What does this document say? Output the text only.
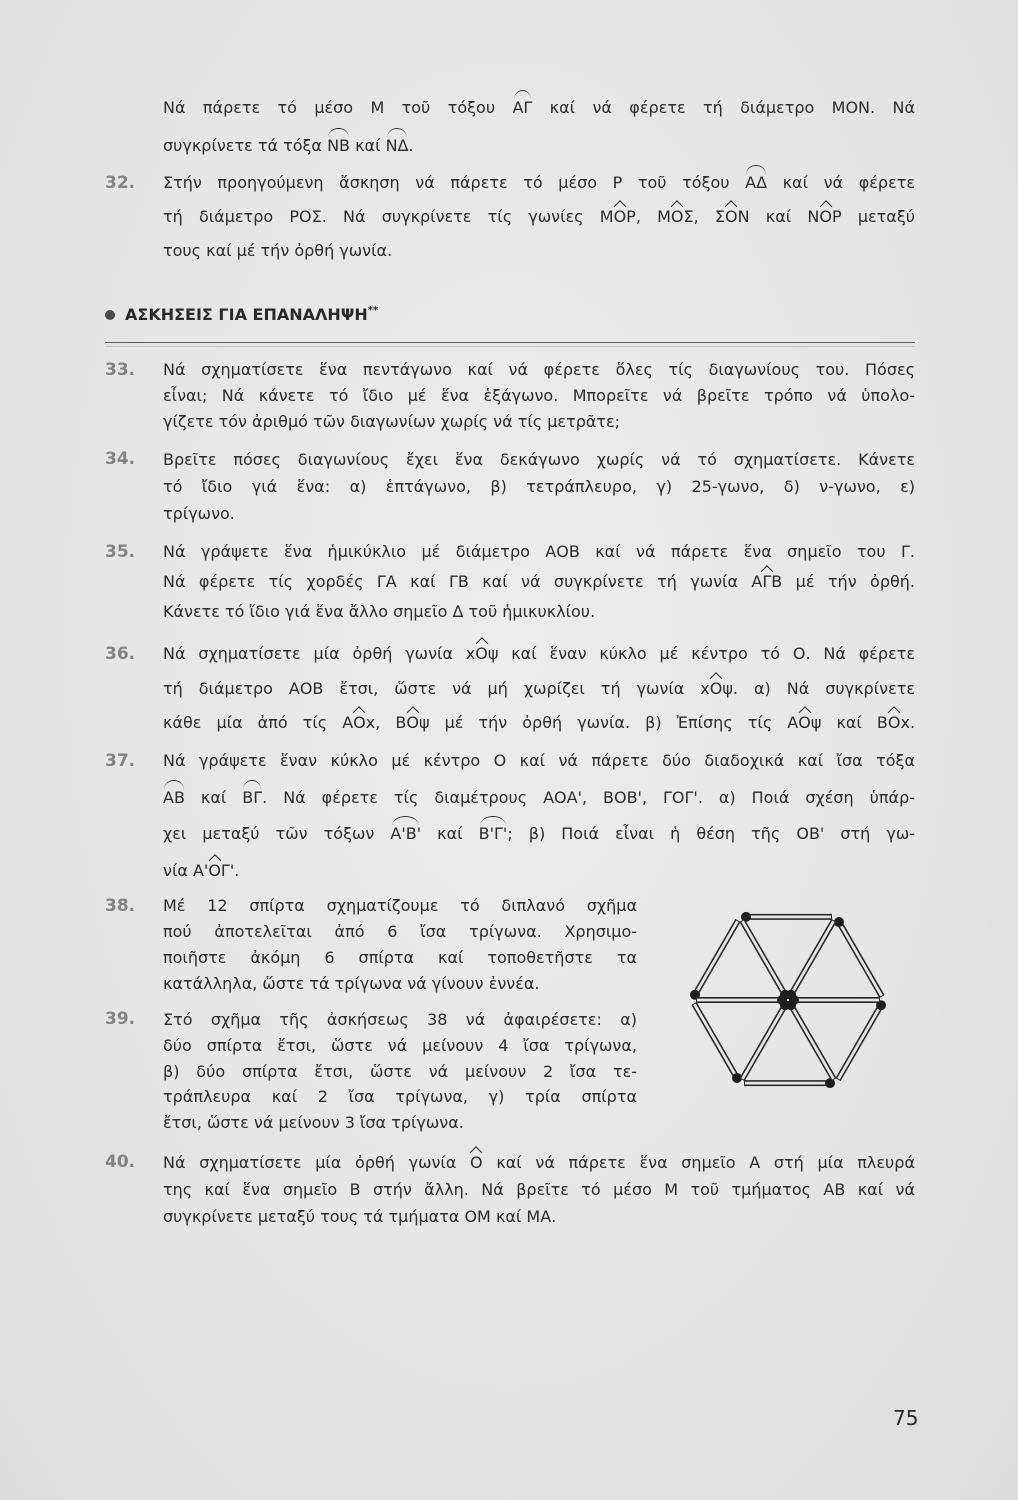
Νά πάρετε τό μέσο Μ τοῦ τόξου ΑΓ καί νά φέρετε τή διάμετρο ΜΟΝ. Νά
συγκρίνετε τά τόξα ΝΒ καί ΝΔ.
32. Στήν προηγούμενη ἄσκηση νά πάρετε τό μέσο Ρ τοῦ τόξου ΑΔ καί νά φέρετε
τή διάμετρο ΡΟΣ. Νά συγκρίνετε τίς γωνίες ΜΟΡ, ΜΟΣ, ΣΟΝ καί ΝΟΡ μεταξύ
τους καί μέ τήν ὀρθή γωνία.
ΑΣΚΗΣΕΙΣ ΓΙΑ ΕΠΑΝΑΛΗΨΗ**
33. Νά σχηματίσετε ἕνα πεντάγωνο καί νά φέρετε ὅλες τίς διαγωνίους του. Πόσες
εἶναι; Νά κάνετε τό ἴδιο μέ ἕνα ἑξάγωνο. Μπορεῖτε νά βρεῖτε τρόπο νά ὑπολο-
γίζετε τόν ἀριθμό τῶν διαγωνίων χωρίς νά τίς μετρᾶτε;
34. Βρεῖτε πόσες διαγωνίους ἔχει ἕνα δεκάγωνο χωρίς νά τό σχηματίσετε. Κάνετε
τό ἴδιο γιά ἕνα: α) ἑπτάγωνο, β) τετράπλευρο, γ) 25-γωνο, δ) ν-γωνο, ε)
τρίγωνο.
35. Νά γράψετε ἕνα ἡμικύκλιο μέ διάμετρο ΑΟΒ καί νά πάρετε ἕνα σημεῖο του Γ.
Νά φέρετε τίς χορδές ΓΑ καί ΓΒ καί νά συγκρίνετε τή γωνία ΑΓΒ μέ τήν ὀρθή.
Κάνετε τό ἴδιο γιά ἕνα ἄλλο σημεῖο Δ τοῦ ἡμικυκλίου.
36. Νά σχηματίσετε μία ὀρθή γωνία xΟψ καί ἕναν κύκλο μέ κέντρο τό Ο. Νά φέρετε
τή διάμετρο ΑΟΒ ἔτσι, ὥστε νά μή χωρίζει τή γωνία xΟψ. α) Νά συγκρίνετε
κάθε μία ἀπό τίς ΑΟx, ΒΟψ μέ τήν ὀρθή γωνία. β) Ἐπίσης τίς ΑΟψ καί ΒΟx.
37. Νά γράψετε ἕναν κύκλο μέ κέντρο Ο καί νά πάρετε δύο διαδοχικά καί ἴσα τόξα
ΑΒ καί ΒΓ. Νά φέρετε τίς διαμέτρους ΑΟΑ', ΒΟΒ', ΓΟΓ'. α) Ποιά σχέση ὑπάρ-
χει μεταξύ τῶν τόξων Α'Β' καί Β'Γ'; β) Ποιά εἶναι ἡ θέση τῆς ΟΒ' στή γω-
νία Α'ΟΓ'.
38. Μέ 12 σπίρτα σχηματίζουμε τό διπλανό σχῆμα
πού ἀποτελεῖται ἀπό 6 ἴσα τρίγωνα. Χρησιμο-
ποιῆστε ἀκόμη 6 σπίρτα καί τοποθετῆστε τα
κατάλληλα, ὥστε τά τρίγωνα νά γίνουν ἐννέα.
39. Στό σχῆμα τῆς ἀσκήσεως 38 νά ἀφαιρέσετε: α)
δύο σπίρτα ἔτσι, ὥστε νά μείνουν 4 ἴσα τρίγωνα,
β) δύο σπίρτα ἔτσι, ὥστε νά μείνουν 2 ἴσα τε-
τράπλευρα καί 2 ἴσα τρίγωνα, γ) τρία σπίρτα
ἔτσι, ὥστε νά μείνουν 3 ἴσα τρίγωνα.
40. Νά σχηματίσετε μία ὀρθή γωνία Ο καί νά πάρετε ἕνα σημεῖο Α στή μία πλευρά
της καί ἕνα σημεῖο Β στήν ἄλλη. Νά βρεῖτε τό μέσο Μ τοῦ τμήματος ΑΒ καί νά
συγκρίνετε μεταξύ τους τά τμήματα ΟΜ καί ΜΑ.
75
